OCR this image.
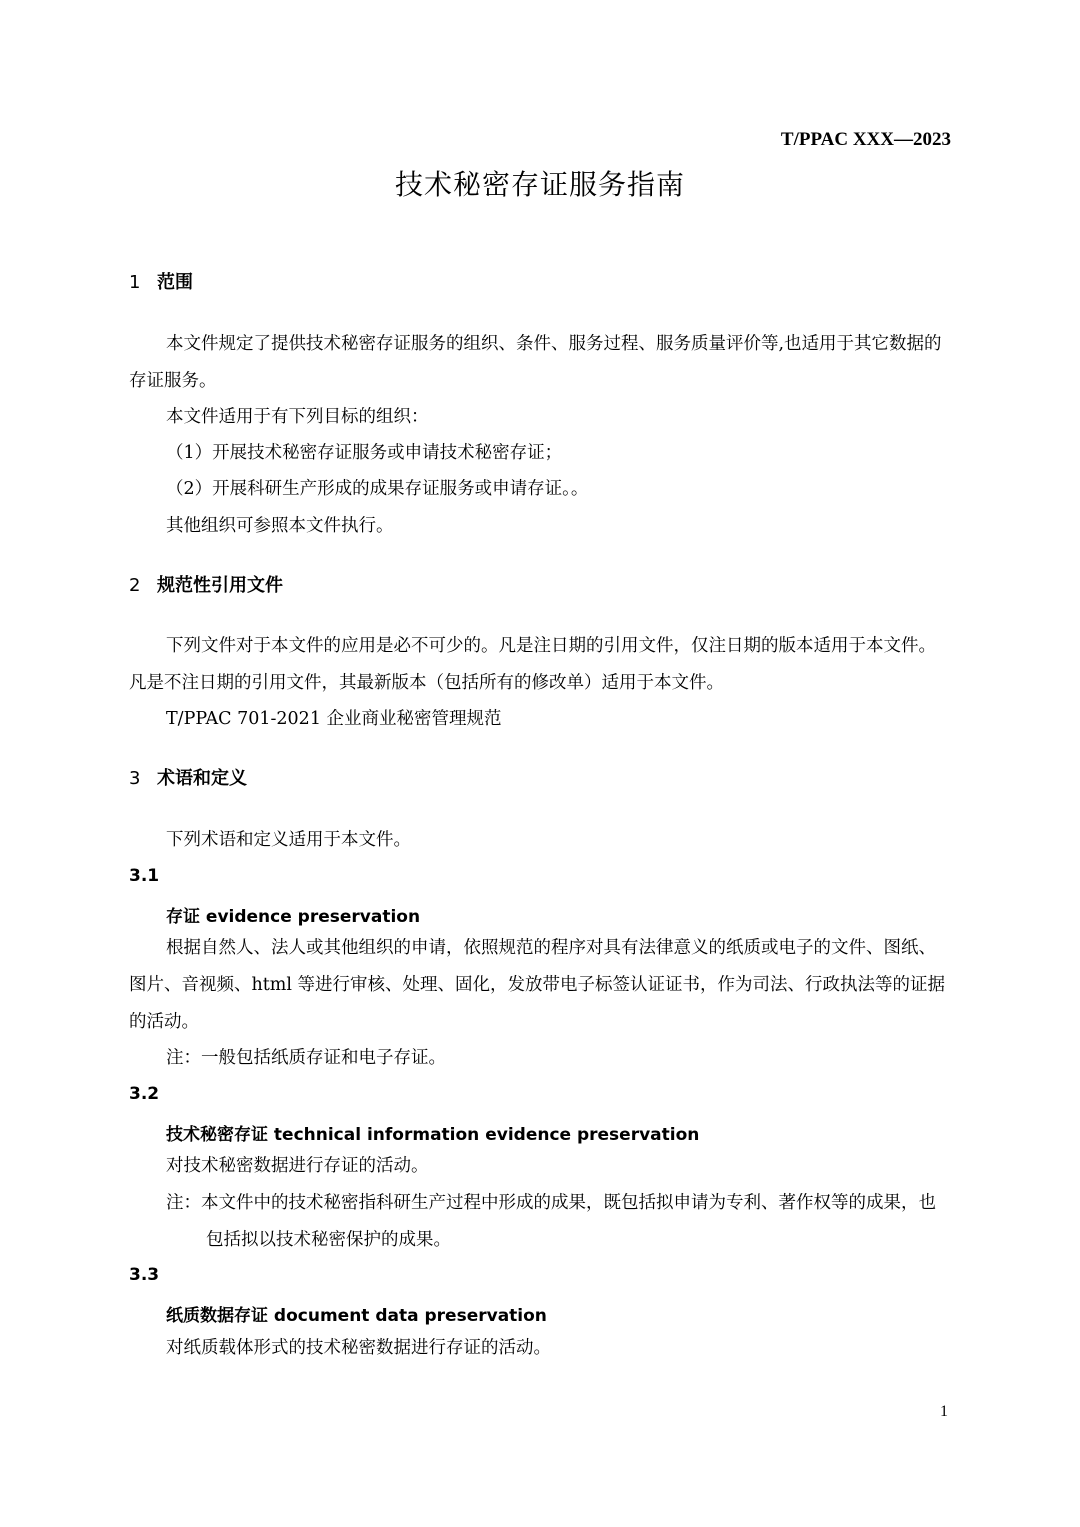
T/PPAC XXX—2023
技术秘密存证服务指南
1 范围
本文件规定了提供技术秘密存证服务的组织、条件、服务过程、服务质量评价等,也适用于其它数据的存证服务。
本文件适用于有下列目标的组织：
（1）开展技术秘密存证服务或申请技术秘密存证；
（2）开展科研生产形成的成果存证服务或申请存证。。
其他组织可参照本文件执行。
2 规范性引用文件
下列文件对于本文件的应用是必不可少的。凡是注日期的引用文件，仅注日期的版本适用于本文件。凡是不注日期的引用文件，其最新版本（包括所有的修改单）适用于本文件。
T/PPAC 701-2021 企业商业秘密管理规范
3 术语和定义
下列术语和定义适用于本文件。
3.1
存证 evidence preservation
根据自然人、法人或其他组织的申请，依照规范的程序对具有法律意义的纸质或电子的文件、图纸、图片、音视频、html 等进行审核、处理、固化，发放带电子标签认证证书，作为司法、行政执法等的证据的活动。
注：一般包括纸质存证和电子存证。
3.2
技术秘密存证 technical information evidence preservation
对技术秘密数据进行存证的活动。
注：本文件中的技术秘密指科研生产过程中形成的成果，既包括拟申请为专利、著作权等的成果，也包括拟以技术秘密保护的成果。
3.3
纸质数据存证 document data preservation
对纸质载体形式的技术秘密数据进行存证的活动。
1
